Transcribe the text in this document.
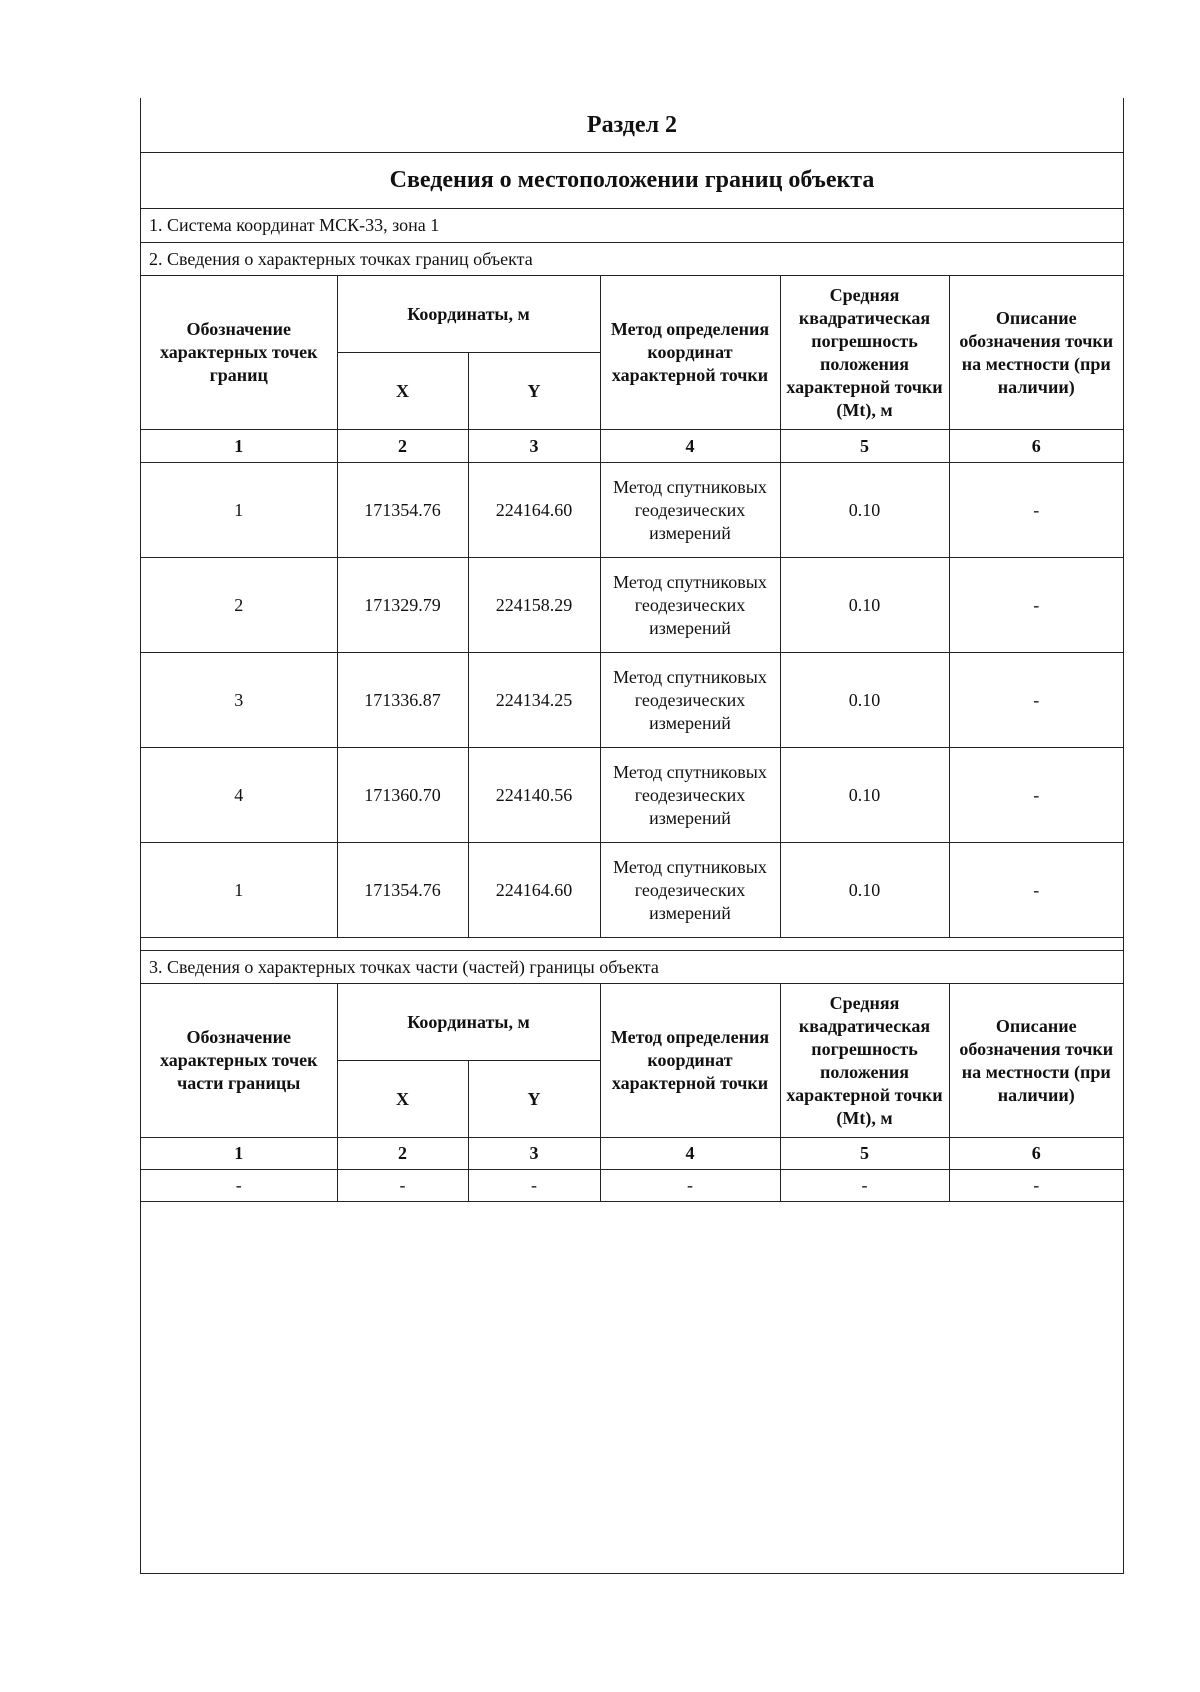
Раздел 2
Сведения о местоположении границ объекта
1. Система координат МСК-33, зона 1
2. Сведения о характерных точках границ объекта
Обозначение характерных точек границ	Координаты, м		Метод определения координат характерной точки	Средняя квадратическая погрешность положения характерной точки (Mt), м	Описание обозначения точки на местности (при наличии)
	X	Y			
1	2	3	4	5	6
1	171354.76	224164.60	Метод спутниковых геодезических измерений	0.10	-
2	171329.79	224158.29	Метод спутниковых геодезических измерений	0.10	-
3	171336.87	224134.25	Метод спутниковых геодезических измерений	0.10	-
4	171360.70	224140.56	Метод спутниковых геодезических измерений	0.10	-
1	171354.76	224164.60	Метод спутниковых геодезических измерений	0.10	-
3. Сведения о характерных точках части (частей) границы объекта
Обозначение характерных точек части границы	Координаты, м		Метод определения координат характерной точки	Средняя квадратическая погрешность положения характерной точки (Mt), м	Описание обозначения точки на местности (при наличии)
	X	Y			
1	2	3	4	5	6
-	-	-	-	-	-
